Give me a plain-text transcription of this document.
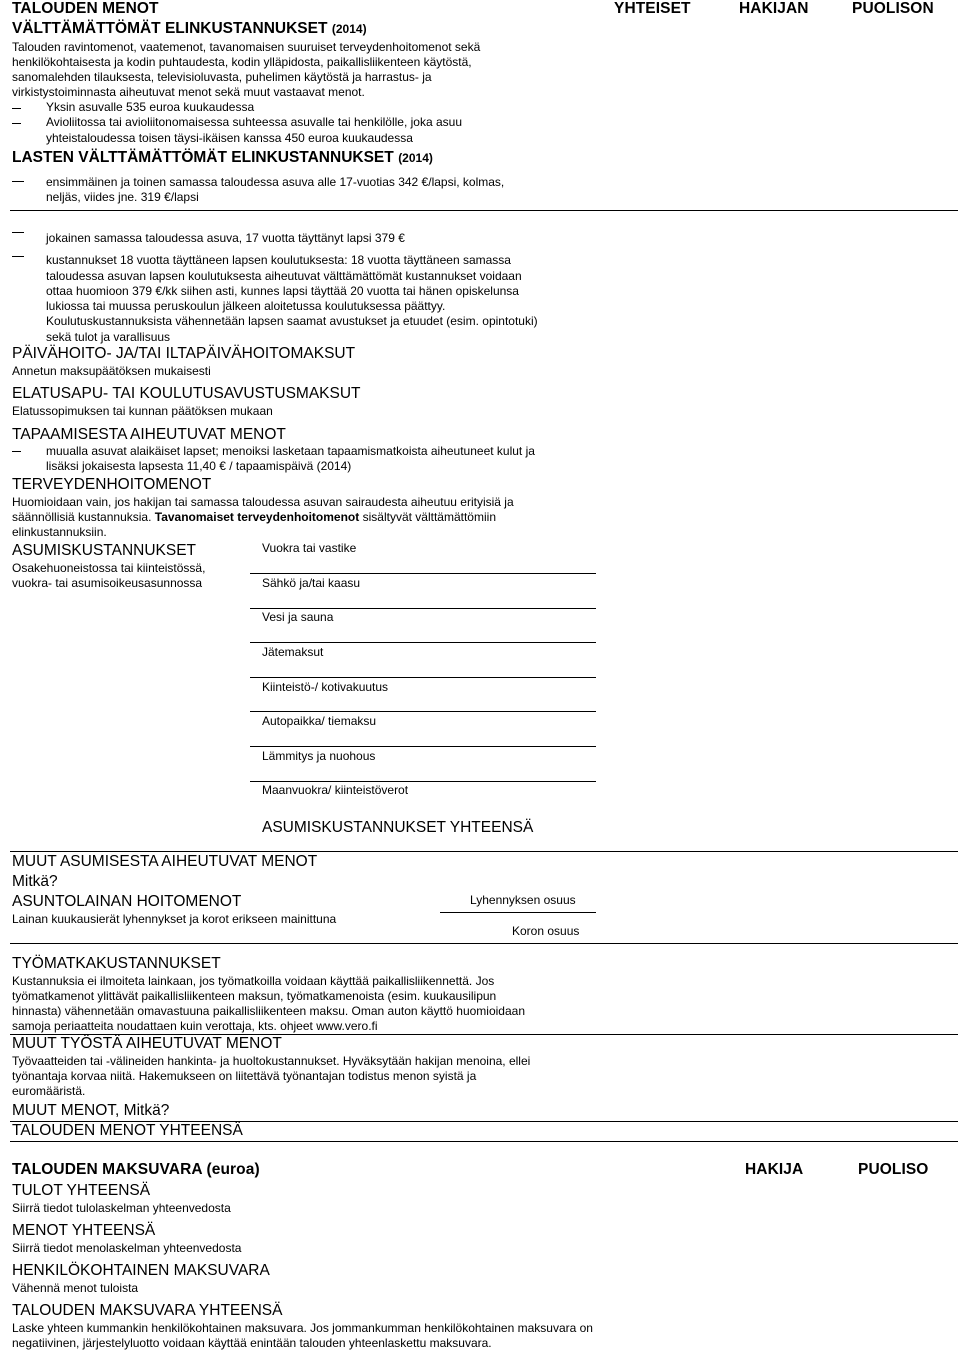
TALOUDEN MENOT	YHTEISET	HAKIJAN	PUOLISON
VÄLTTÄMÄTTÖMÄT ELINKUSTANNUKSET (2014)
Talouden ravintomenot, vaatemenot, tavanomaisen suuruiset terveydenhoitomenot sekä
henkilökohtaisesta ja kodin puhtaudesta, kodin ylläpidosta, paikallisliikenteen käytöstä,
sanomalehden tilauksesta, televisioluvasta, puhelimen käytöstä ja harrastus- ja
virkistystoiminnasta aiheutuvat menot sekä muut vastaavat menot.
Yksin asuvalle 535 euroa kuukaudessa
Avioliitossa tai avioliitonomaisessa suhteessa asuvalle tai henkilölle, joka asuu
yhteistaloudessa toisen täysi-ikäisen kanssa 450 euroa kuukaudessa
LASTEN VÄLTTÄMÄTTÖMÄT ELINKUSTANNUKSET (2014)
ensimmäinen ja toinen samassa taloudessa asuva alle 17-vuotias 342 €/lapsi, kolmas,
neljäs, viides jne. 319 €/lapsi
jokainen samassa taloudessa asuva, 17 vuotta täyttänyt lapsi 379 €
kustannukset 18 vuotta täyttäneen lapsen koulutuksesta: 18 vuotta täyttäneen samassa
taloudessa asuvan lapsen koulutuksesta aiheutuvat välttämättömät kustannukset voidaan
ottaa huomioon 379 €/kk siihen asti, kunnes lapsi täyttää 20 vuotta tai hänen opiskelunsa
lukiossa tai muussa peruskoulun jälkeen aloitetussa koulutuksessa päättyy.
Koulutuskustannuksista vähennetään lapsen saamat avustukset ja etuudet (esim. opintotuki)
sekä tulot ja varallisuus
PÄIVÄHOITO- JA/TAI ILTAPÄIVÄHOITOMAKSUT
Annetun maksupäätöksen mukaisesti
ELATUSAPU- TAI KOULUTUSAVUSTUSMAKSUT
Elatussopimuksen tai kunnan päätöksen mukaan
TAPAAMISESTA AIHEUTUVAT MENOT
muualla asuvat alaikäiset lapset; menoiksi lasketaan tapaamismatkoista aiheutuneet kulut ja
lisäksi jokaisesta lapsesta 11,40 € / tapaamispäivä (2014)
TERVEYDENHOITOMENOT
Huomioidaan vain, jos hakijan tai samassa taloudessa asuvan sairaudesta aiheutuu erityisiä ja
säännöllisiä kustannuksia. Tavanomaiset terveydenhoitomenot sisältyvät välttämättömiin
elinkustannuksiin.
ASUMISKUSTANNUKSET
Osakehuoneistossa tai kiinteistössä,
vuokra- tai asumisoikeusasunnossa
Vuokra tai vastike
Sähkö ja/tai kaasu
Vesi ja sauna
Jätemaksut
Kiinteistö-/ kotivakuutus
Autopaikka/ tiemaksu
Lämmitys ja nuohous
Maanvuokra/ kiinteistöverot
ASUMISKUSTANNUKSET YHTEENSÄ
MUUT ASUMISESTA AIHEUTUVAT MENOT
Mitkä?
ASUNTOLAINAN HOITOMENOT
Lainan kuukausierät lyhennykset ja korot erikseen mainittuna
Lyhennyksen osuus
Koron osuus
TYÖMATKAKUSTANNUKSET
Kustannuksia ei ilmoiteta lainkaan, jos työmatkoilla voidaan käyttää paikallisliikennettä. Jos
työmatkamenot ylittävät paikallisliikenteen maksun, työmatkamenoista (esim. kuukausilipun
hinnasta) vähennetään omavastuuna paikallisliikenteen maksu. Oman auton käyttö huomioidaan
samoja periaatteita noudattaen kuin verottaja, kts. ohjeet www.vero.fi
MUUT TYÖSTÄ AIHEUTUVAT MENOT
Työvaatteiden tai -välineiden hankinta- ja huoltokustannukset. Hyväksytään hakijan menoina, ellei
työnantaja korvaa niitä. Hakemukseen on liitettävä työnantajan todistus menon syistä ja
euromääristä.
MUUT MENOT, Mitkä?
TALOUDEN MENOT YHTEENSÄ
TALOUDEN MAKSUVARA (euroa)	HAKIJA	PUOLISO
TULOT YHTEENSÄ
Siirrä tiedot tulolaskelman yhteenvedosta
MENOT YHTEENSÄ
Siirrä tiedot menolaskelman yhteenvedosta
HENKILÖKOHTAINEN MAKSUVARA
Vähennä menot tuloista
TALOUDEN MAKSUVARA YHTEENSÄ
Laske yhteen kummankin henkilökohtainen maksuvara. Jos jommankumman henkilökohtainen maksuvara on
negatiivinen, järjestelyluotto voidaan käyttää enintään talouden yhteenlaskettu maksuvara.
